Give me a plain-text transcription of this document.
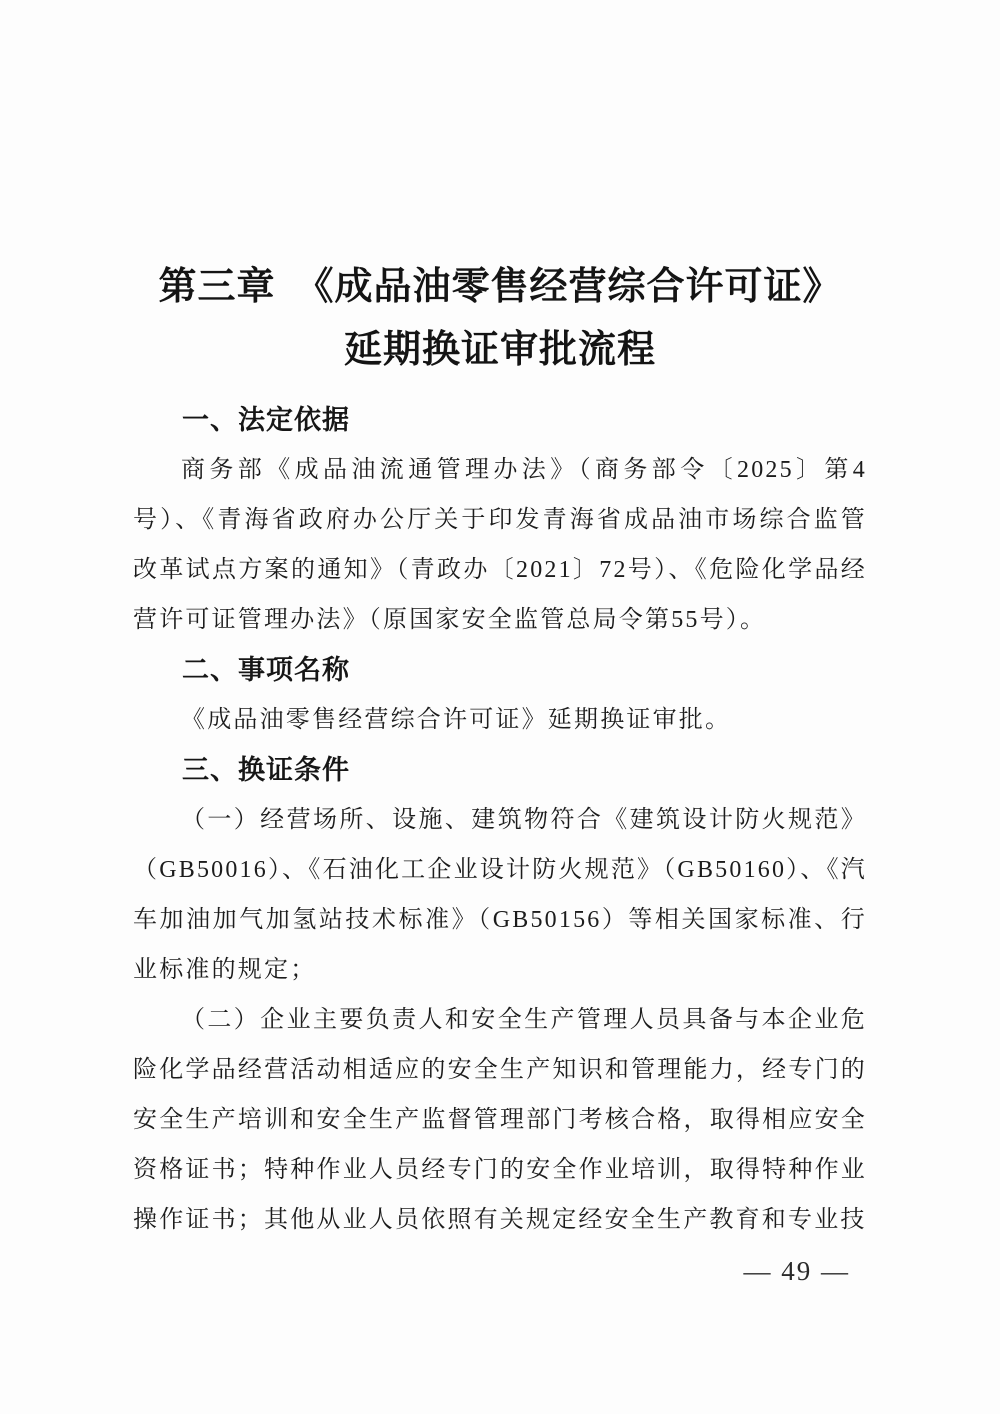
第三章　《成品油零售经营综合许可证》
延期换证审批流程
一、法定依据

商务部《成品油流通管理办法》（商务部令〔2025〕第4号）、《青海省政府办公厅关于印发青海省成品油市场综合监管改革试点方案的通知》（青政办〔2021〕72号）、《危险化学品经营许可证管理办法》（原国家安全监管总局令第55号）。

二、事项名称

《成品油零售经营综合许可证》延期换证审批。

三、换证条件

（一）经营场所、设施、建筑物符合《建筑设计防火规范》（GB50016）、《石油化工企业设计防火规范》（GB50160）、《汽车加油加气加氢站技术标准》（GB50156）等相关国家标准、行业标准的规定；

（二）企业主要负责人和安全生产管理人员具备与本企业危险化学品经营活动相适应的安全生产知识和管理能力，经专门的安全生产培训和安全生产监督管理部门考核合格，取得相应安全资格证书；特种作业人员经专门的安全作业培训，取得特种作业操作证书；其他从业人员依照有关规定经安全生产教育和专业技

— 49 —
